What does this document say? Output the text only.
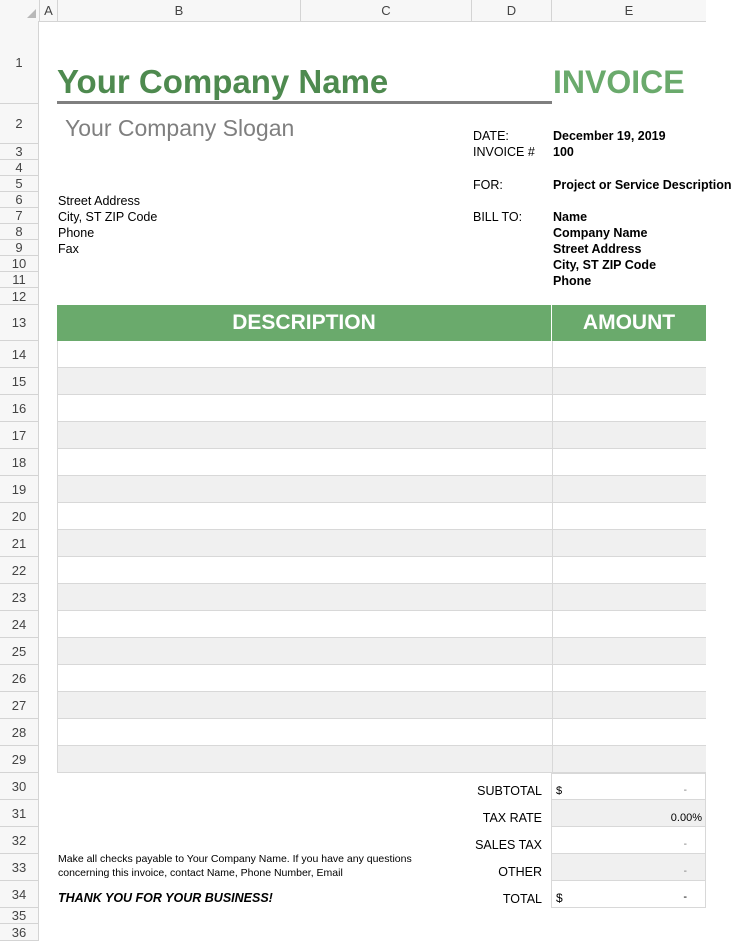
A	B	C	D	E
1
2
3
4
5
6
7
8
9
10
11
12
13
14
15
16
17
18
19
20
21
22
23
24
25
26
27
28
29
30
31
32
33
34
35
36
Your Company Name	INVOICE
Your Company Slogan
Street Address
City, ST ZIP Code
Phone
Fax
DATE:	December 19, 2019
INVOICE # 100
FOR:	Project or Service Description
BILL TO: Name
Company Name
Street Address
City, ST ZIP Code
Phone
DESCRIPTION	AMOUNT
SUBTOTAL $	-
TAX RATE	0.00%
SALES TAX	-
OTHER	-
TOTAL $	-
Make all checks payable to Your Company Name. If you have any questions
concerning this invoice, contact Name, Phone Number, Email
THANK YOU FOR YOUR BUSINESS!
